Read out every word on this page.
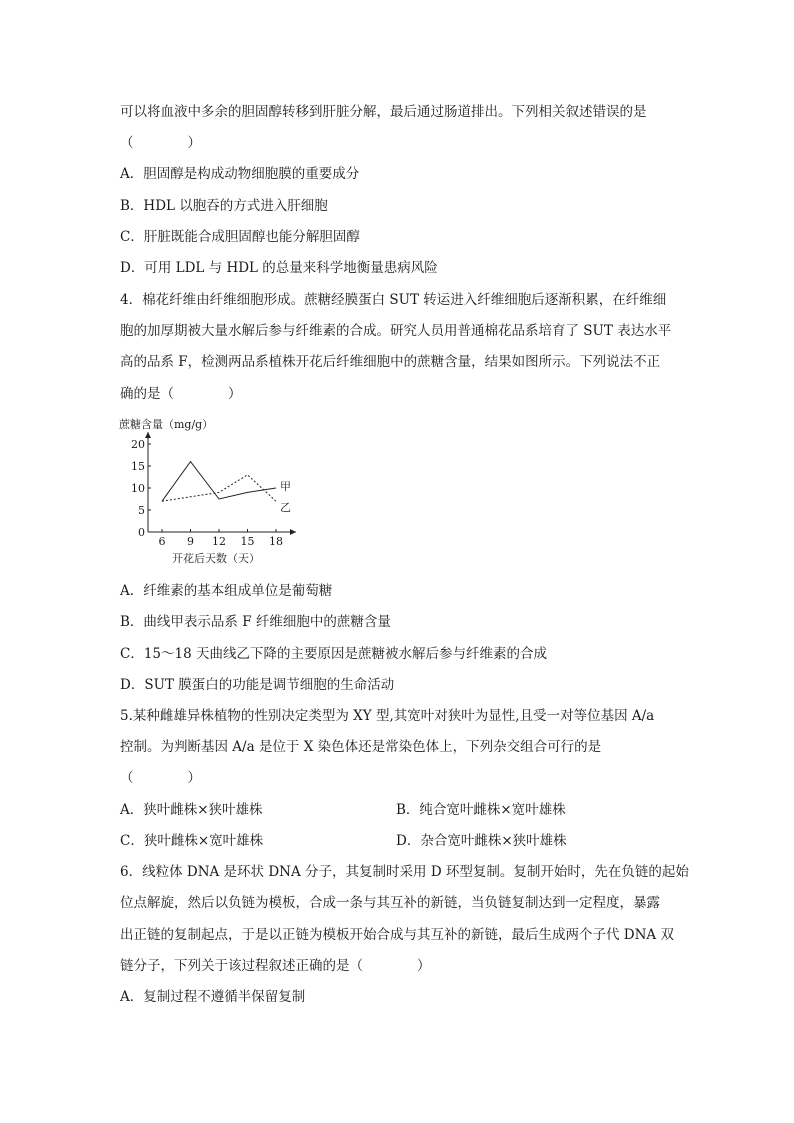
可以将血液中多余的胆固醇转移到肝脏分解，最后通过肠道排出。下列相关叙述错误的是
（　　　　）
A．胆固醇是构成动物细胞膜的重要成分
B．HDL 以胞吞的方式进入肝细胞
C．肝脏既能合成胆固醇也能分解胆固醇
D．可用 LDL 与 HDL 的总量来科学地衡量患病风险
4．棉花纤维由纤维细胞形成。蔗糖经膜蛋白 SUT 转运进入纤维细胞后逐渐积累，在纤维细
胞的加厚期被大量水解后参与纤维素的合成。研究人员用普通棉花品系培育了 SUT 表达水平
高的品系 F，检测两品系植株开花后纤维细胞中的蔗糖含量，结果如图所示。下列说法不正
确的是（　　　　）
蔗糖含量（mg/g）
0
5
10
15
20
6 9 12 15 18
甲
乙
开花后天数（天）
A．纤维素的基本组成单位是葡萄糖
B．曲线甲表示品系 F 纤维细胞中的蔗糖含量
C．15～18 天曲线乙下降的主要原因是蔗糖被水解后参与纤维素的合成
D．SUT 膜蛋白的功能是调节细胞的生命活动
5.某种雌雄异株植物的性别决定类型为 XY 型,其宽叶对狭叶为显性,且受一对等位基因 A/a
控制。为判断基因 A/a 是位于 X 染色体还是常染色体上，下列杂交组合可行的是
（　　　　）
A．狭叶雌株×狭叶雄株	B．纯合宽叶雌株×宽叶雄株
C．狭叶雌株×宽叶雄株	D．杂合宽叶雌株×狭叶雄株
6．线粒体 DNA 是环状 DNA 分子，其复制时采用 D 环型复制。复制开始时，先在负链的起始
位点解旋，然后以负链为模板，合成一条与其互补的新链，当负链复制达到一定程度，暴露
出正链的复制起点，于是以正链为模板开始合成与其互补的新链，最后生成两个子代 DNA 双
链分子，下列关于该过程叙述正确的是（　　　　）
A．复制过程不遵循半保留复制
